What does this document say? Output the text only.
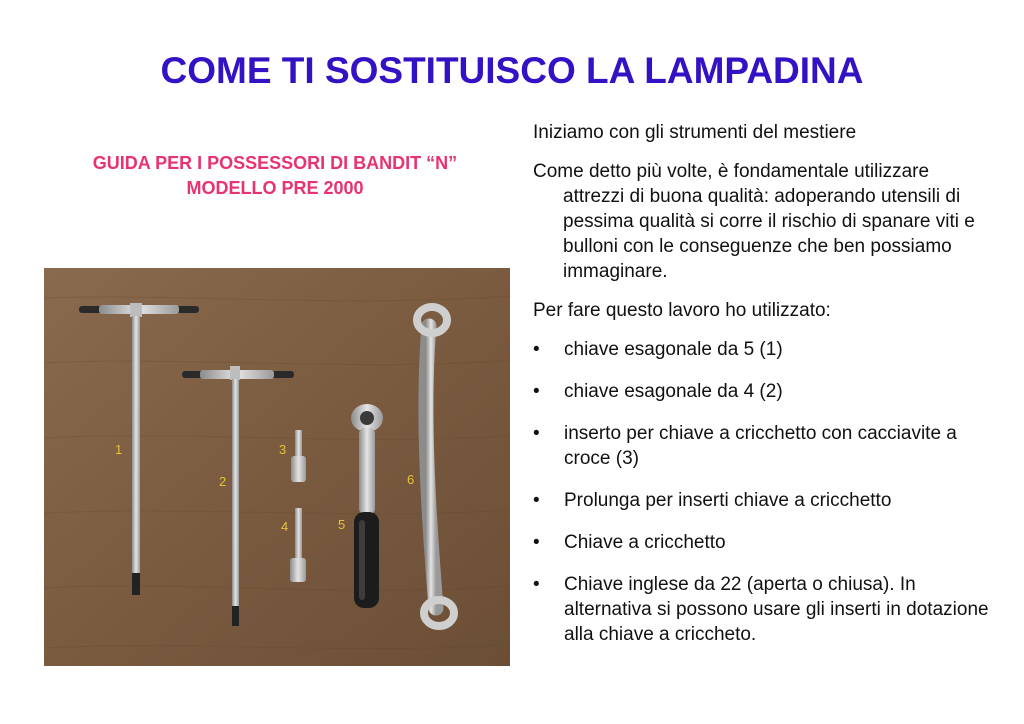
COME TI SOSTITUISCO LA LAMPADINA
GUIDA PER I POSSESSORI DI BANDIT “N”
MODELLO PRE 2000
1
2
3
4	5
6

Iniziamo con gli strumenti del mestiere

Come detto più volte, è fondamentale utilizzare attrezzi di buona qualità: adoperando utensili di pessima qualità si corre il rischio di spanare viti e bulloni con le conseguenze che ben possiamo immaginare.

Per fare questo lavoro ho utilizzato:

• chiave esagonale da 5 (1)
• chiave esagonale da 4 (2)
• inserto per chiave a cricchetto con cacciavite a croce (3)
• Prolunga per inserti chiave a cricchetto
• Chiave a cricchetto
• Chiave inglese da 22 (aperta o chiusa). In alternativa si possono usare gli inserti in dotazione alla chiave a criccheto.
